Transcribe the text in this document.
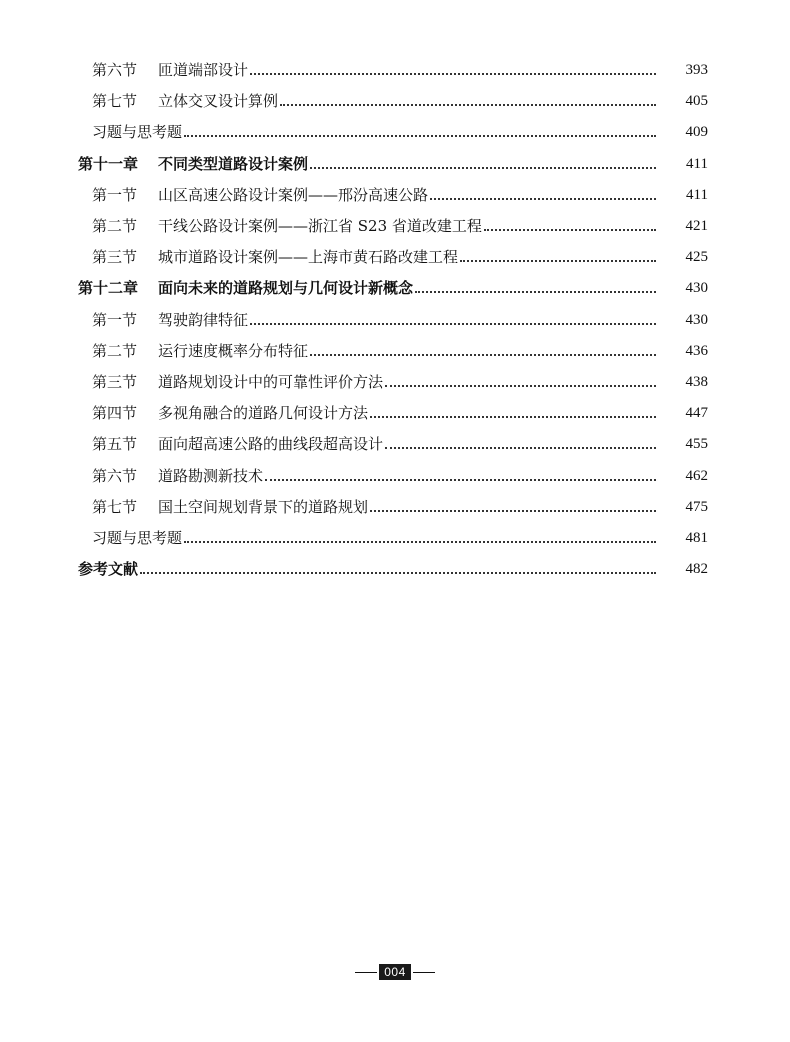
第六节	匝道端部设计	393
第七节	立体交叉设计算例	405
习题与思考题	409
第十一章	不同类型道路设计案例	411
第一节	山区高速公路设计案例——邢汾高速公路	411
第二节	干线公路设计案例——浙江省 S23 省道改建工程	421
第三节	城市道路设计案例——上海市黄石路改建工程	425
第十二章	面向未来的道路规划与几何设计新概念	430
第一节	驾驶韵律特征	430
第二节	运行速度概率分布特征	436
第三节	道路规划设计中的可靠性评价方法	438
第四节	多视角融合的道路几何设计方法	447
第五节	面向超高速公路的曲线段超高设计	455
第六节	道路勘测新技术	462
第七节	国土空间规划背景下的道路规划	475
习题与思考题	481
参考文献	482
004
